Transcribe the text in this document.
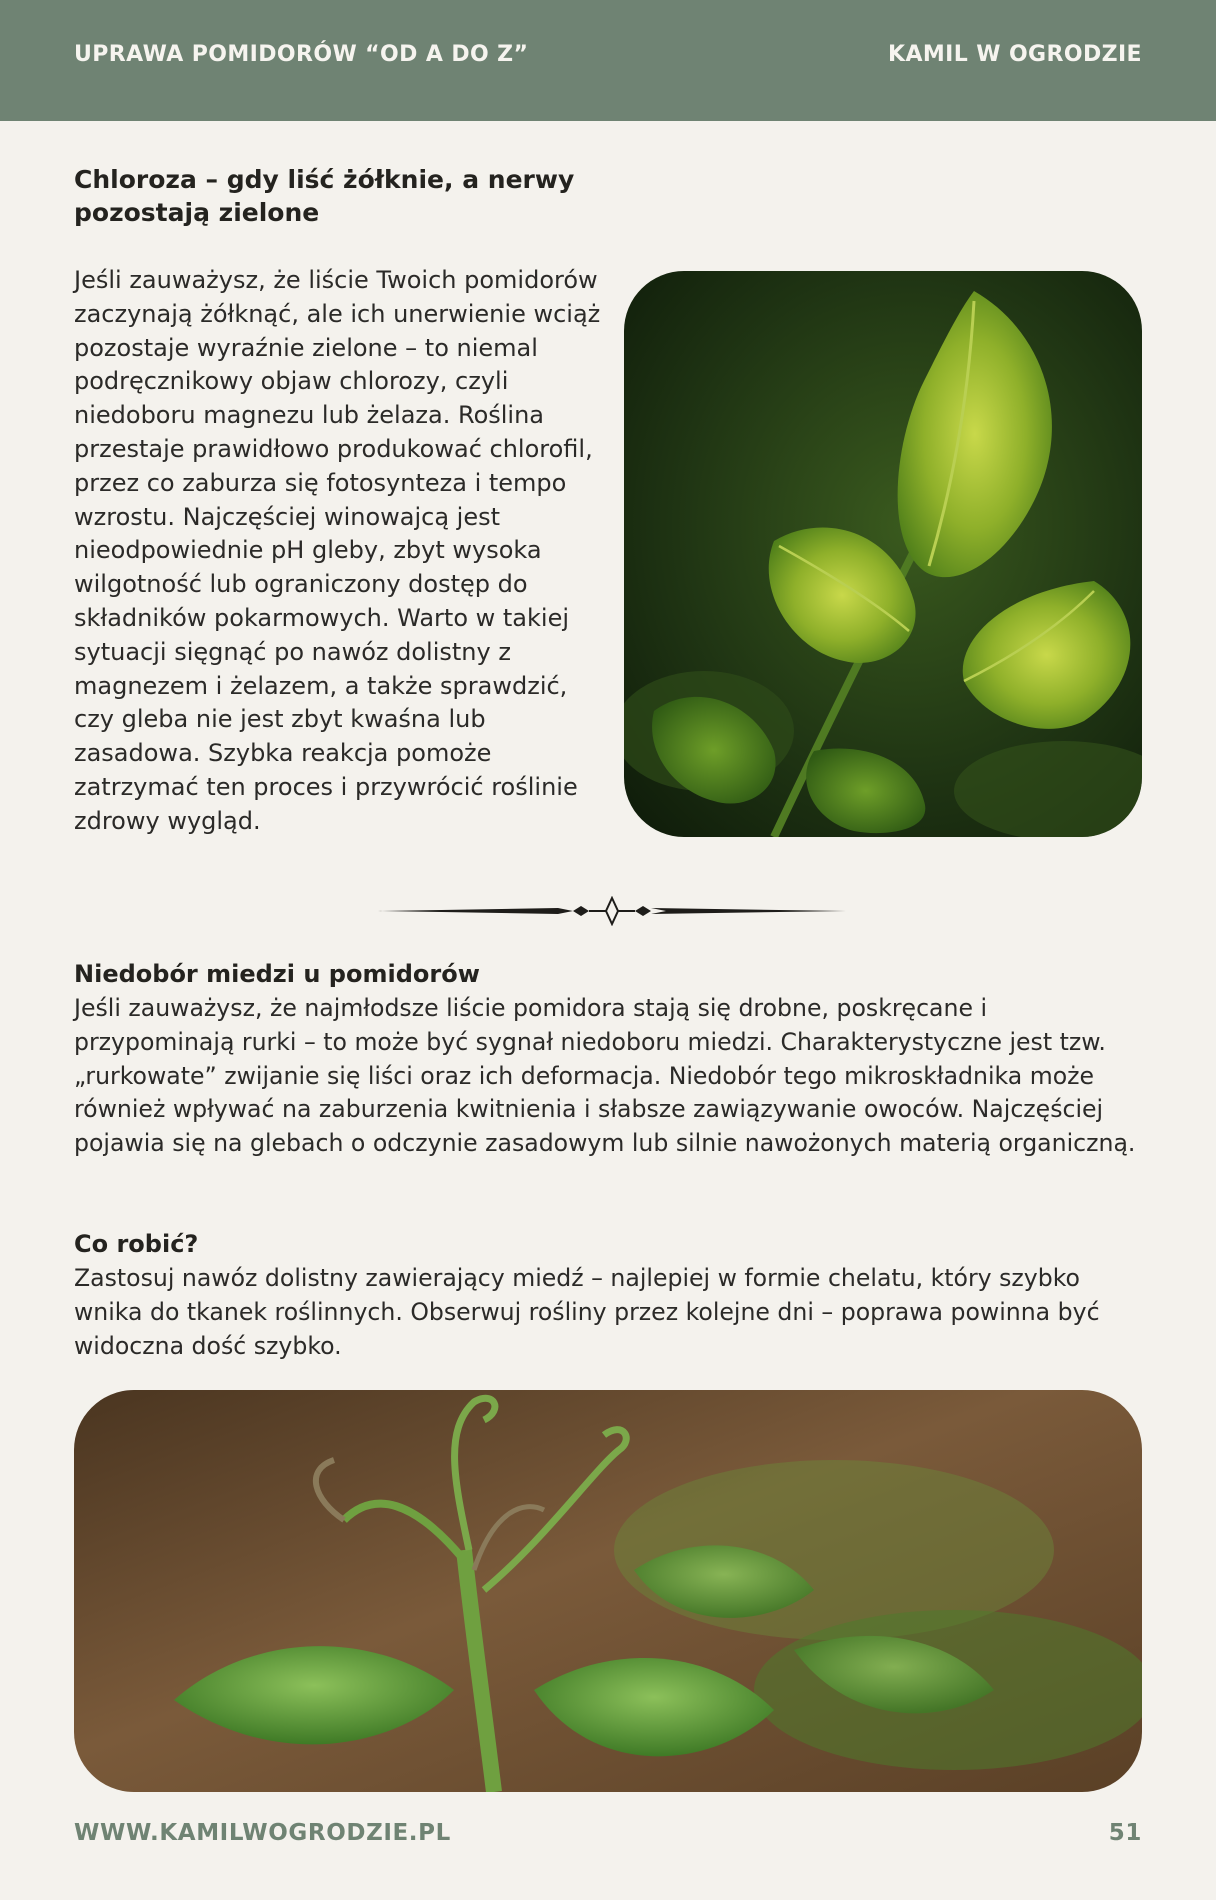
UPRAWA POMIDORÓW “OD A DO Z”	KAMIL W OGRODZIE
Chloroza – gdy liść żółknie, a nerwy pozostają zielone

Jeśli zauważysz, że liście Twoich pomidorów zaczynają żółknąć, ale ich unerwienie wciąż pozostaje wyraźnie zielone – to niemal podręcznikowy objaw chlorozy, czyli niedoboru magnezu lub żelaza. Roślina przestaje prawidłowo produkować chlorofil, przez co zaburza się fotosynteza i tempo wzrostu. Najczęściej winowajcą jest nieodpowiednie pH gleby, zbyt wysoka wilgotność lub ograniczony dostęp do składników pokarmowych. Warto w takiej sytuacji sięgnąć po nawóz dolistny z magnezem i żelazem, a także sprawdzić, czy gleba nie jest zbyt kwaśna lub zasadowa. Szybka reakcja pomoże zatrzymać ten proces i przywrócić roślinie zdrowy wygląd.

Niedobór miedzi u pomidorów

Jeśli zauważysz, że najmłodsze liście pomidora stają się drobne, poskręcane i przypominają rurki – to może być sygnał niedoboru miedzi. Charakterystyczne jest tzw. „rurkowate” zwijanie się liści oraz ich deformacja. Niedobór tego mikroskładnika może również wpływać na zaburzenia kwitnienia i słabsze zawiązywanie owoców. Najczęściej pojawia się na glebach o odczynie zasadowym lub silnie nawożonych materią organiczną.

Co robić?

Zastosuj nawóz dolistny zawierający miedź – najlepiej w formie chelatu, który szybko wnika do tkanek roślinnych. Obserwuj rośliny przez kolejne dni – poprawa powinna być widoczna dość szybko.

WWW.KAMILWOGRODZIE.PL	51
